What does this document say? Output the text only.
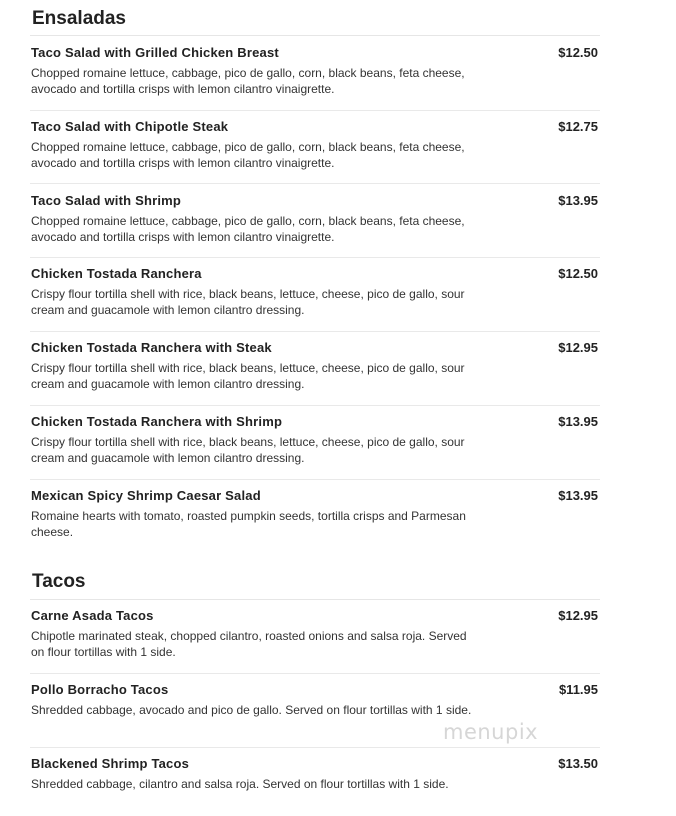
Ensaladas
Taco Salad with Grilled Chicken Breast	$12.50
Chopped romaine lettuce, cabbage, pico de gallo, corn, black beans, feta cheese, avocado and tortilla crisps with lemon cilantro vinaigrette.
Taco Salad with Chipotle Steak	$12.75
Chopped romaine lettuce, cabbage, pico de gallo, corn, black beans, feta cheese, avocado and tortilla crisps with lemon cilantro vinaigrette.
Taco Salad with Shrimp	$13.95
Chopped romaine lettuce, cabbage, pico de gallo, corn, black beans, feta cheese, avocado and tortilla crisps with lemon cilantro vinaigrette.
Chicken Tostada Ranchera	$12.50
Crispy flour tortilla shell with rice, black beans, lettuce, cheese, pico de gallo, sour cream and guacamole with lemon cilantro dressing.
Chicken Tostada Ranchera with Steak	$12.95
Crispy flour tortilla shell with rice, black beans, lettuce, cheese, pico de gallo, sour cream and guacamole with lemon cilantro dressing.
Chicken Tostada Ranchera with Shrimp	$13.95
Crispy flour tortilla shell with rice, black beans, lettuce, cheese, pico de gallo, sour cream and guacamole with lemon cilantro dressing.
Mexican Spicy Shrimp Caesar Salad	$13.95
Romaine hearts with tomato, roasted pumpkin seeds, tortilla crisps and Parmesan cheese.
Tacos
Carne Asada Tacos	$12.95
Chipotle marinated steak, chopped cilantro, roasted onions and salsa roja. Served on flour tortillas with 1 side.
Pollo Borracho Tacos	$11.95
Shredded cabbage, avocado and pico de gallo. Served on flour tortillas with 1 side.
Blackened Shrimp Tacos	$13.50
Shredded cabbage, cilantro and salsa roja. Served on flour tortillas with 1 side.
menupix
